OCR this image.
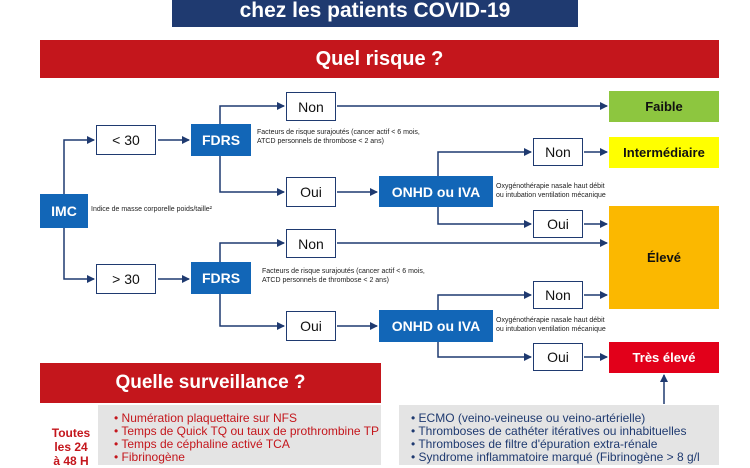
chez les patients COVID-19
Quel risque ?
IMC	Indice de masse corporelle poids/taille²
< 30
> 30
FDRS	Facteurs de risque surajoutés (cancer actif < 6 mois,
ATCD personnels de thrombose < 2 ans)
FDRS	Facteurs de risque surajoutés (cancer actif < 6 mois,
ATCD personnels de thrombose < 2 ans)
Non
Oui
Non
Oui
ONHD ou IVA	Oxygénothérapie nasale haut débit
ou intubation ventilation mécanique
ONHD ou IVA	Oxygénothérapie nasale haut débit
ou intubation ventilation mécanique
Non
Oui
Non
Oui
Faible
Intermédiaire
Élevé
Très élevé
Quelle surveillance ?
Toutes
les 24
à 48 H
• Numération plaquettaire sur NFS
• Temps de Quick TQ ou taux de prothrombine TP
• Temps de céphaline activé TCA
• Fibrinogène
• ECMO (veino-veineuse ou veino-artérielle)
• Thromboses de cathéter itératives ou inhabituelles
• Thromboses de filtre d'épuration extra-rénale
• Syndrome inflammatoire marqué (Fibrinogène > 8 g/l
